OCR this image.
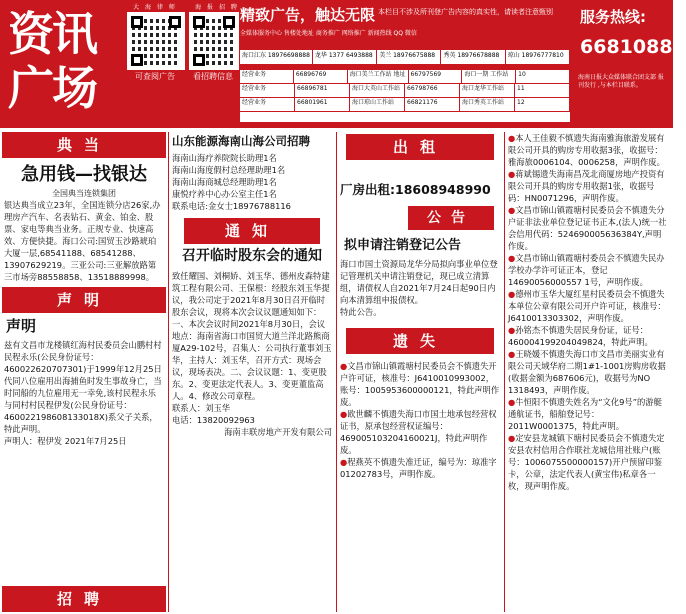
资讯
广场
大 海 律 师
可查阅广告
海 报 招 聘
看招聘信息
精致广告，触达无限 本栏目不涉及所刊登广告内容的真实性，请读者注意甄别	服务热线:
66810888
全媒体服务中心 售楼处地址 商务推广 网络推广 新闻热线 QQ 微信
海口江东 18976698888 龙华 1377 6493888	美兰 18976675888	秀英 18976678888	琼山 18976777810
经营业务	66896769	海口美兰工作站 地址 66797569	海口一期 工作站	10
经营业务	66896781	海口大英山工作站	66798766	海口龙华工作站	11
经营业务	66801961	海口琼山工作站	66821176	海口秀英工作站	12
海南日报大众媒体联合团支部 报刊发行 ,与本栏目联系。
典当
急用钱—找银达
全国典当连锁集团
银达典当成立23年，全国连锁分店26家,办理房产汽车、名表钻石、黄金、铂金、股票、家电等典当业务。正规专业、快速高效、方便快捷。海口公司:国贸玉沙路琥珀大厦一层,68541188、68541288、13907629219。三亚公司:三亚解放路第三市场旁88558858、13518889998。
声明
声明
兹有文昌市龙楼镇红海村民委员会山鹏村村民程永乐(公民身份证号：460022620707301)于1999年12月25日代同八位雇用出海捕鱼时发生事故身亡，当时同船的九位雇用无一幸免,该村民程永乐与同村村民程伊发(公民身份证号：460022198608133018X)系父子关系，特此声明。
声明人：程伊发 2021年7月25日
招聘
山东能源海南山海公司招聘
海南山海疗养院院长助理1名
海南山海度假村总经理助理1名
海南山海商城总经理助理1名
康悦疗养中心办公室主任1名
联系电话:金女士18976788116
通知
召开临时股东会的通知
致任耀国、刘桐娇、刘玉华、德州皮森特建筑工程有限公司、王保根：经股东刘玉华提议，我公司定于2021年8月30日召开临时股东会议，现将本次会议议题通知如下：一、本次会议时间2021年8月30日，会议地点：海南省海口市国贸大道兰洋北路熊商厦A29-102号，召集人：公司执行董事刘玉华，主持人：刘玉华，召开方式：现场会议，现场表决。二、会议议题：1、变更股东。2、变更法定代表人。3、变更董监高人。4、修改公司章程。
联系人：刘玉华
电话：13820092963
海南丰联房地产开发有限公司
出租
厂房出租:18608948990
公告
拟申请注销登记公告
海口市国土资源局龙华分局拟向事业单位登记管理机关申请注销登记，现已成立清算组，请债权人自2021年7月24日起90日内向本清算组申报债权。
特此公告。
遗失
●文昌市锦山镇霞塘村民委员会不慎遗失开户许可证，核准号：J6410010993002，账号：1005953600000121，特此声明作废。
●欧世麟不慎遗失海口市国土地承包经营权证书，原承包经营权证编号：469005103204160021J，特此声明作废。
●程燕英不慎遗失准迁证，编号为：琼准字01202783号，声明作废。
●本人王佳毅不慎遗失海南雅海旅游发展有限公司开具的购房专用收据3张，收据号：雅海旅0006104、0006258，声明作废。
●蒋斌锡遗失海南昌茂北商厦房地产投资有限公司开具的购房专用收据1张，收据号码：HN0071296，声明作废。
●文昌市锦山镇霞塘村民委员会不慎遗失分户证非法业单位登记证书正本,(法人)统一社会信用代码：524690005636384Y,声明作废。
●文昌市锦山镇霞塘村委员会不慎遗失民办学校办学许可证正本，登记14690056000557 1号，声明作废。
●德州市玉华大厦红星村民委员会不慎遗失本单位公章有限公司开户许可证，核准号：J6410013303302，声明作废。
●孙铭杰不慎遗失居民身份证，证号：460004199204049824，特此声明。
●王晓媛不慎遗失海口市文昌市美丽实业有限公司天域华府二期1#1-1001房购房收据(收据金额为687606元)，收据号为NO 1318493，声明作废。
●牛恒阳不慎遗失姓名为“文化9号”的游艇通航证书，船舶登记号：2011W0001375，特此声明。
●定安县龙城镇下塘村民委员会不慎遗失定安县农村信用合作联社龙城信用社账户(账号：1006075500000157)开户预留印鉴卡，公章，法定代表人(黄宝伟)私章各一枚，现声明作废。
